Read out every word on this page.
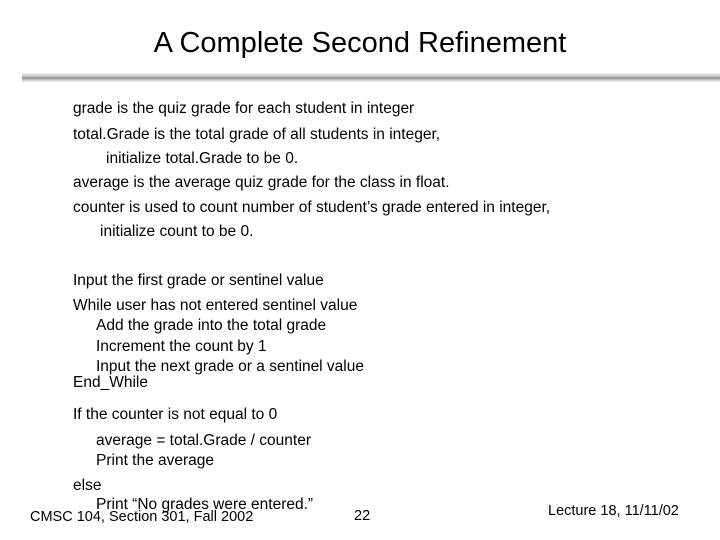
A Complete Second Refinement
grade is the quiz grade for each student in integer
total.Grade is the total grade of all students in integer,
initialize total.Grade to be 0.
average is the average quiz grade for the class in float.
counter is used to count number of student’s grade entered in integer,
initialize count to be 0.
Input the first grade or sentinel value
While user has not entered sentinel value
Add the grade into the total grade
Increment the count by 1
Input the next grade or a sentinel value
End_While
If the counter is not equal to 0
average = total.Grade / counter
Print the average
else
Print “No grades were entered.”
CMSC 104, Section 301, Fall 2002	22	Lecture 18, 11/11/02
